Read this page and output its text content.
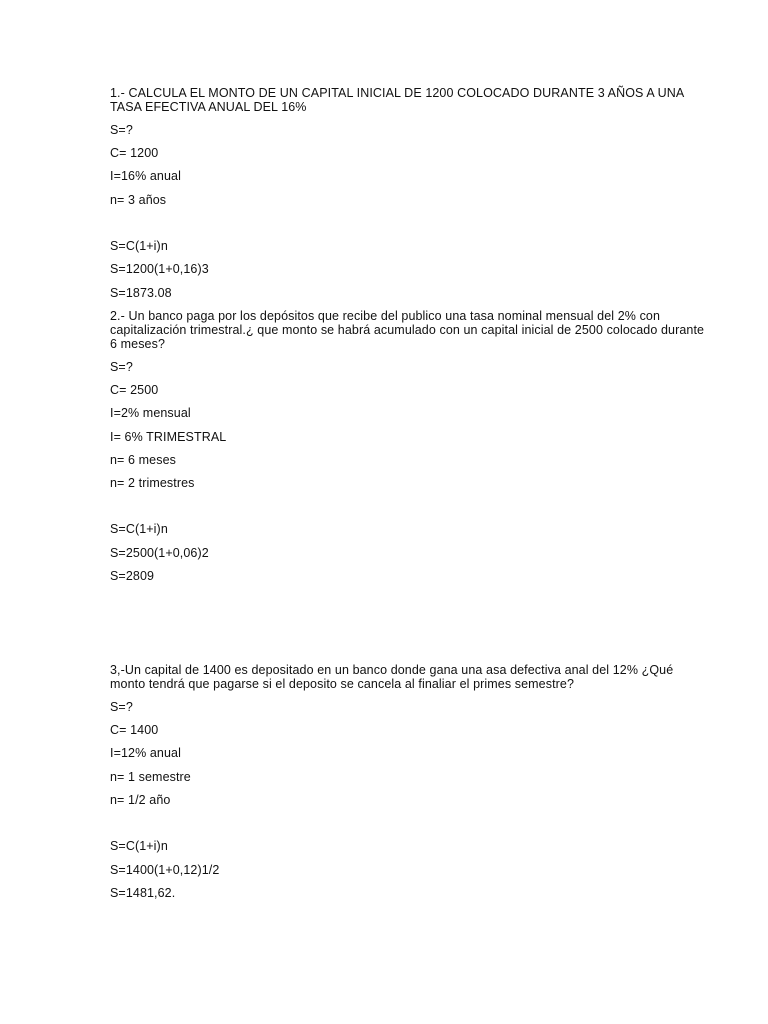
1.- CALCULA EL MONTO DE UN CAPITAL INICIAL DE 1200 COLOCADO DURANTE 3 AÑOS A UNA
TASA EFECTIVA ANUAL DEL 16%
S=?
C= 1200
I=16% anual
n= 3 años
S=C(1+i)n
S=1200(1+0,16)3
S=1873.08
2.- Un banco paga por los depósitos que recibe del publico una tasa nominal mensual del 2% con
capitalización trimestral.¿ que monto se habrá acumulado con un capital inicial de 2500 colocado durante
6 meses?
S=?
C= 2500
I=2% mensual
I= 6% TRIMESTRAL
n= 6 meses
n= 2 trimestres
S=C(1+i)n
S=2500(1+0,06)2
S=2809
3,-Un capital de 1400 es depositado en un banco donde gana una asa defectiva anal del 12% ¿Qué
monto tendrá que pagarse si el deposito se cancela al finaliar el primes semestre?
S=?
C= 1400
I=12% anual
n= 1 semestre
n= 1/2 año
S=C(1+i)n
S=1400(1+0,12)1/2
S=1481,62.
